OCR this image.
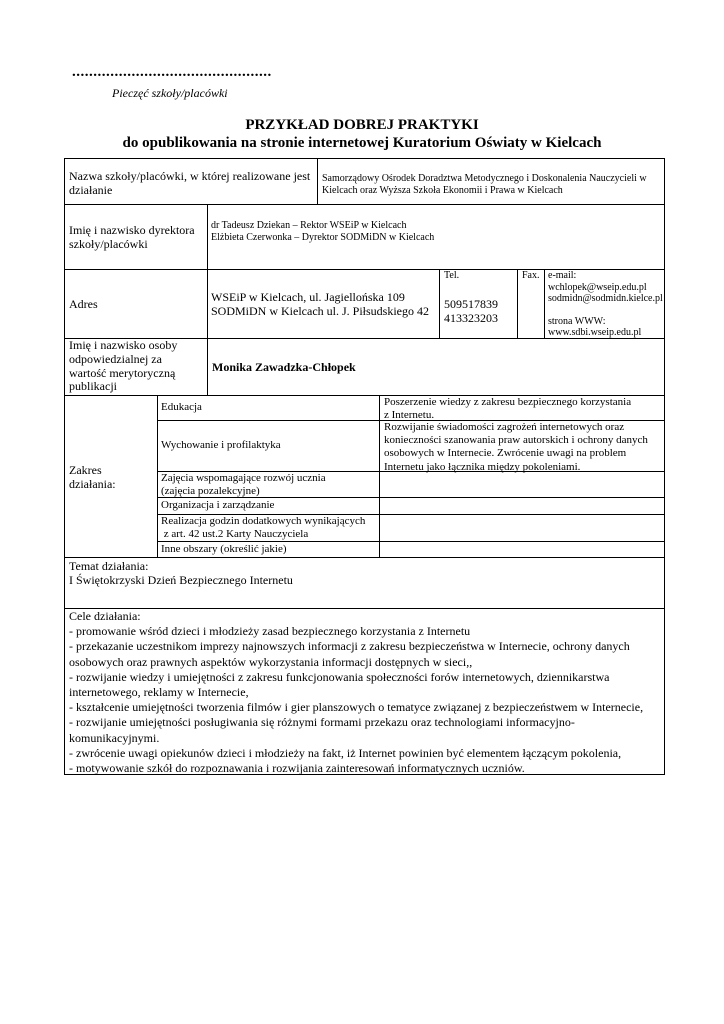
...............................................
Pieczęć szkoły/placówki
PRZYKŁAD DOBREJ PRAKTYKI
do opublikowania na stronie internetowej Kuratorium Oświaty w Kielcach
Nazwa szkoły/placówki, w której realizowane jest
działanie
Samorządowy Ośrodek Doradztwa Metodycznego i Doskonalenia Nauczycieli w
Kielcach oraz Wyższa Szkoła Ekonomii i Prawa w Kielcach
Imię i nazwisko dyrektora
szkoły/placówki
dr Tadeusz Dziekan – Rektor WSEiP w Kielcach
Elżbieta Czerwonka – Dyrektor SODMiDN w Kielcach
Adres	WSEiP w Kielcach, ul. Jagiellońska 109
SODMiDN w Kielcach ul. J. Piłsudskiego 42
Tel.
509517839
413323203
Fax. e-mail:
wchlopek@wseip.edu.pl
sodmidn@sodmidn.kielce.pl
strona WWW:
www.sdbi.wseip.edu.pl
Imię i nazwisko osoby
odpowiedzialnej za
wartość merytoryczną
publikacji
Monika Zawadzka-Chłopek
Zakres
działania:
Edukacja	Poszerzenie wiedzy z zakresu bezpiecznego korzystania
z Internetu.
Wychowanie i profilaktyka
Rozwijanie świadomości zagrożeń internetowych oraz
konieczności szanowania praw autorskich i ochrony danych
osobowych w Internecie. Zwrócenie uwagi na problem
Internetu jako łącznika między pokoleniami.
Zajęcia wspomagające rozwój ucznia
(zajęcia pozalekcyjne)
Organizacja i zarządzanie
Realizacja godzin dodatkowych wynikających
z art. 42 ust.2 Karty Nauczyciela
Inne obszary (określić jakie)
Temat działania:
I Świętokrzyski Dzień Bezpiecznego Internetu
Cele działania:
- promowanie wśród dzieci i młodzieży zasad bezpiecznego korzystania z Internetu
- przekazanie uczestnikom imprezy najnowszych informacji z zakresu bezpieczeństwa w Internecie, ochrony danych
osobowych oraz prawnych aspektów wykorzystania informacji dostępnych w sieci,,
- rozwijanie wiedzy i umiejętności z zakresu funkcjonowania społeczności forów internetowych, dziennikarstwa
internetowego, reklamy w Internecie,
- kształcenie umiejętności tworzenia filmów i gier planszowych o tematyce związanej z bezpieczeństwem w Internecie,
- rozwijanie umiejętności posługiwania się różnymi formami przekazu oraz technologiami informacyjno-
komunikacyjnymi.
- zwrócenie uwagi opiekunów dzieci i młodzieży na fakt, iż Internet powinien być elementem łączącym pokolenia,
- motywowanie szkół do rozpoznawania i rozwijania zainteresowań informatycznych uczniów.
